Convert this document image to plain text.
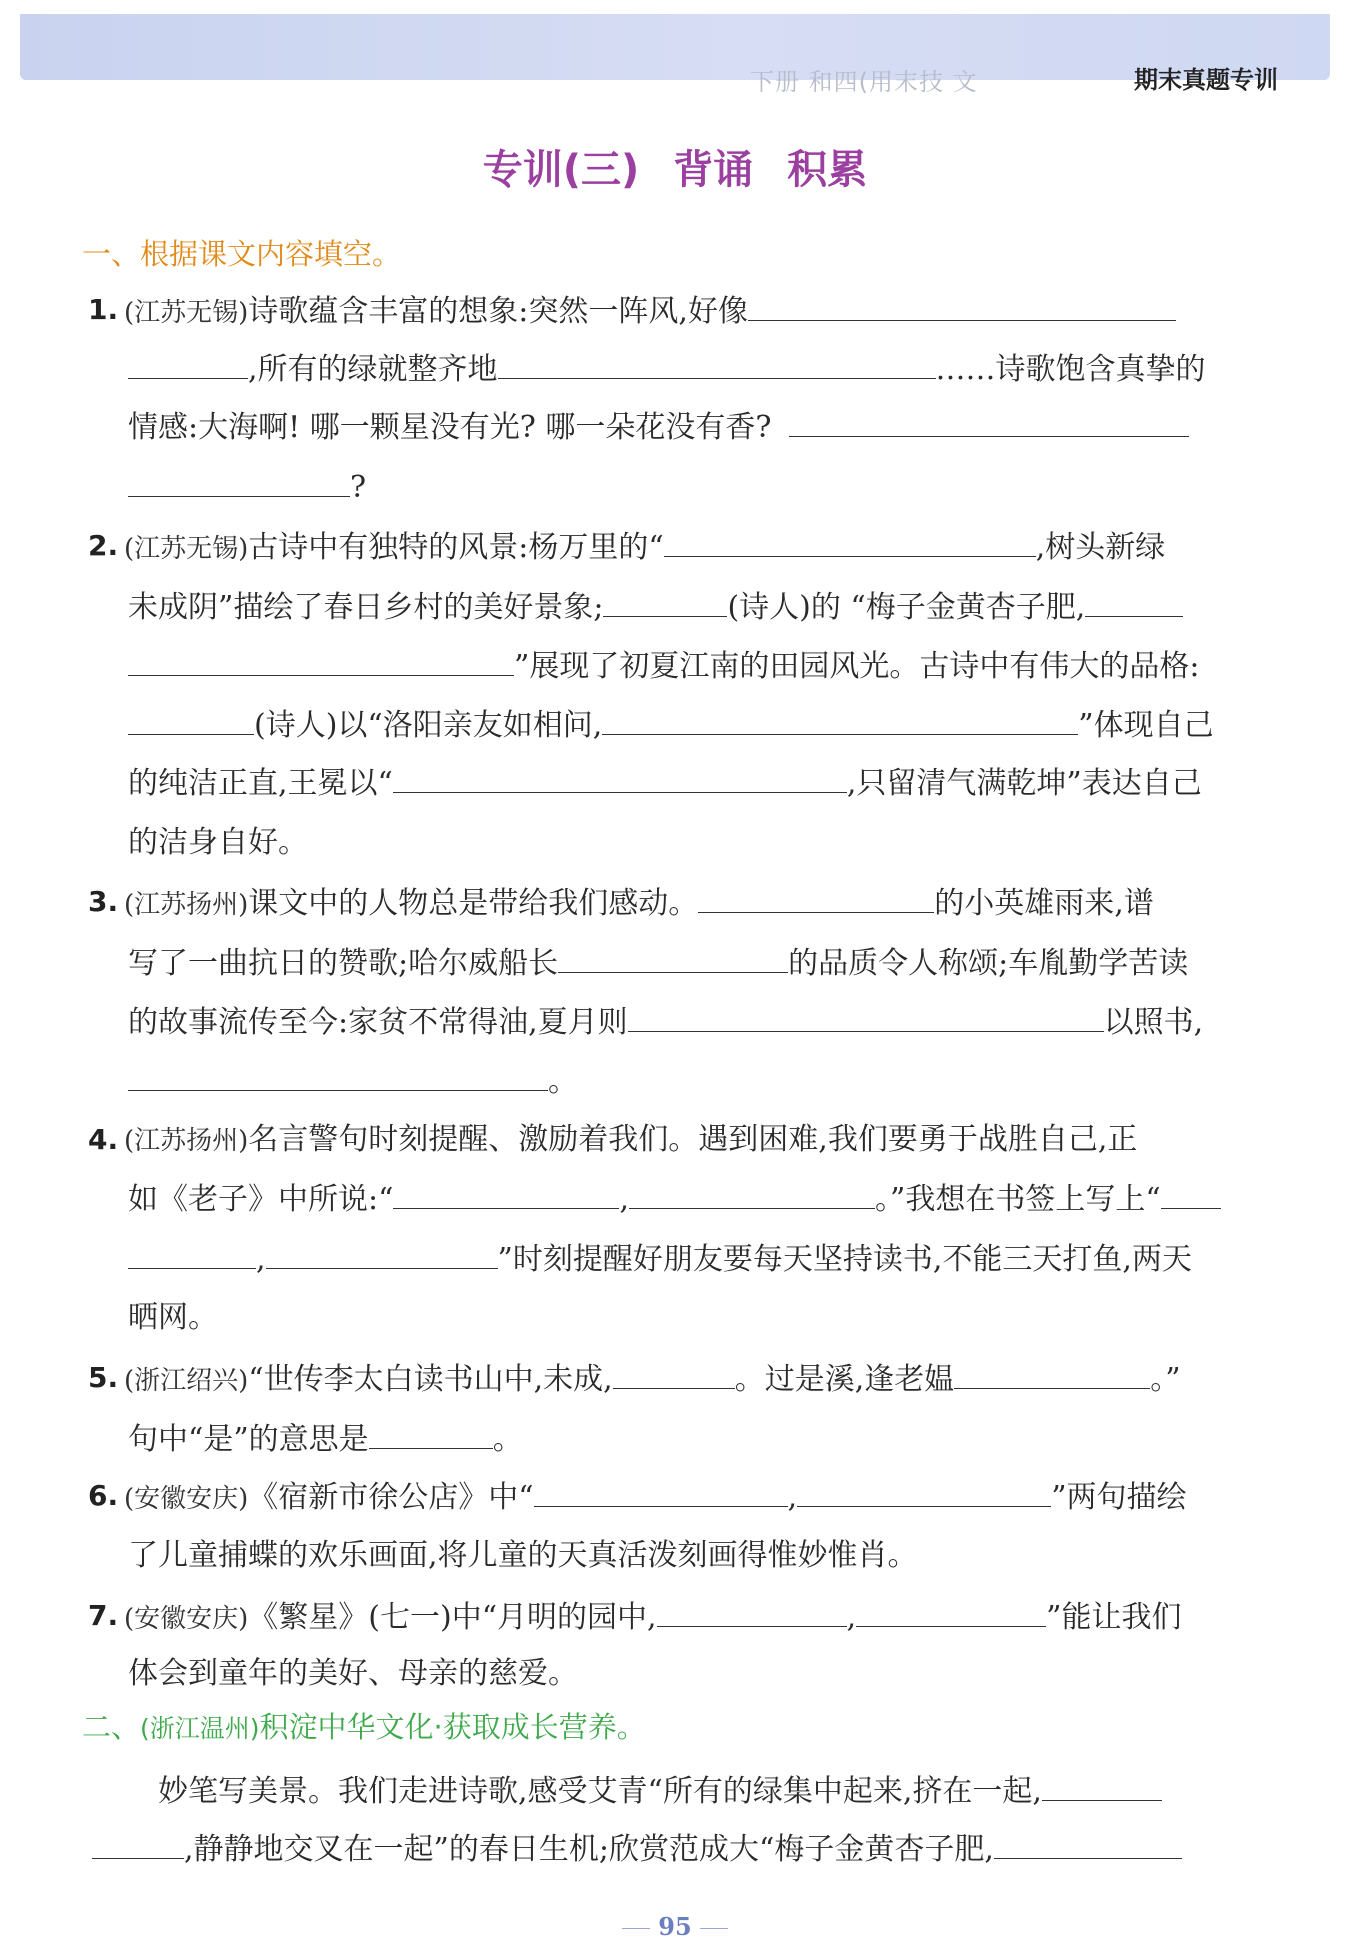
下册 和四(用末技 文	期末真题专训
专训(三) 背诵 积累
一、根据课文内容填空。
1. (江苏无锡)诗歌蕴含丰富的想象:突然一阵风,好像
,所有的绿就整齐地	……诗歌饱含真挚的
情感:大海啊! 哪一颗星没有光? 哪一朵花没有香?
?
2. (江苏无锡)古诗中有独特的风景:杨万里的“	,树头新绿
未成阴”描绘了春日乡村的美好景象;	(诗人)的 “梅子金黄杏子肥,
”展现了初夏江南的田园风光。古诗中有伟大的品格:
(诗人)以“洛阳亲友如相问,	”体现自己
的纯洁正直,王冕以“	,只留清气满乾坤”表达自己
的洁身自好。
3. (江苏扬州)课文中的人物总是带给我们感动。	的小英雄雨来,谱
写了一曲抗日的赞歌;哈尔威船长	的品质令人称颂;车胤勤学苦读
的故事流传至今:家贫不常得油,夏月则	以照书,
。
4. (江苏扬州)名言警句时刻提醒、激励着我们。遇到困难,我们要勇于战胜自己,正
如《老子》中所说:“	,	。”我想在书签上写上“
,	”时刻提醒好朋友要每天坚持读书,不能三天打鱼,两天
晒网。
5. (浙江绍兴)“世传李太白读书山中,未成,	。过是溪,逢老媪	。”
句中“是”的意思是	。
6. (安徽安庆)《宿新市徐公店》中“	,	”两句描绘
了儿童捕蝶的欢乐画面,将儿童的天真活泼刻画得惟妙惟肖。
7. (安徽安庆)《繁星》(七一)中“月明的园中,	,	”能让我们
体会到童年的美好、母亲的慈爱。
二、(浙江温州)积淀中华文化·获取成长营养。
妙笔写美景。我们走进诗歌,感受艾青“所有的绿集中起来,挤在一起,
,静静地交叉在一起”的春日生机;欣赏范成大“梅子金黄杏子肥,
95
